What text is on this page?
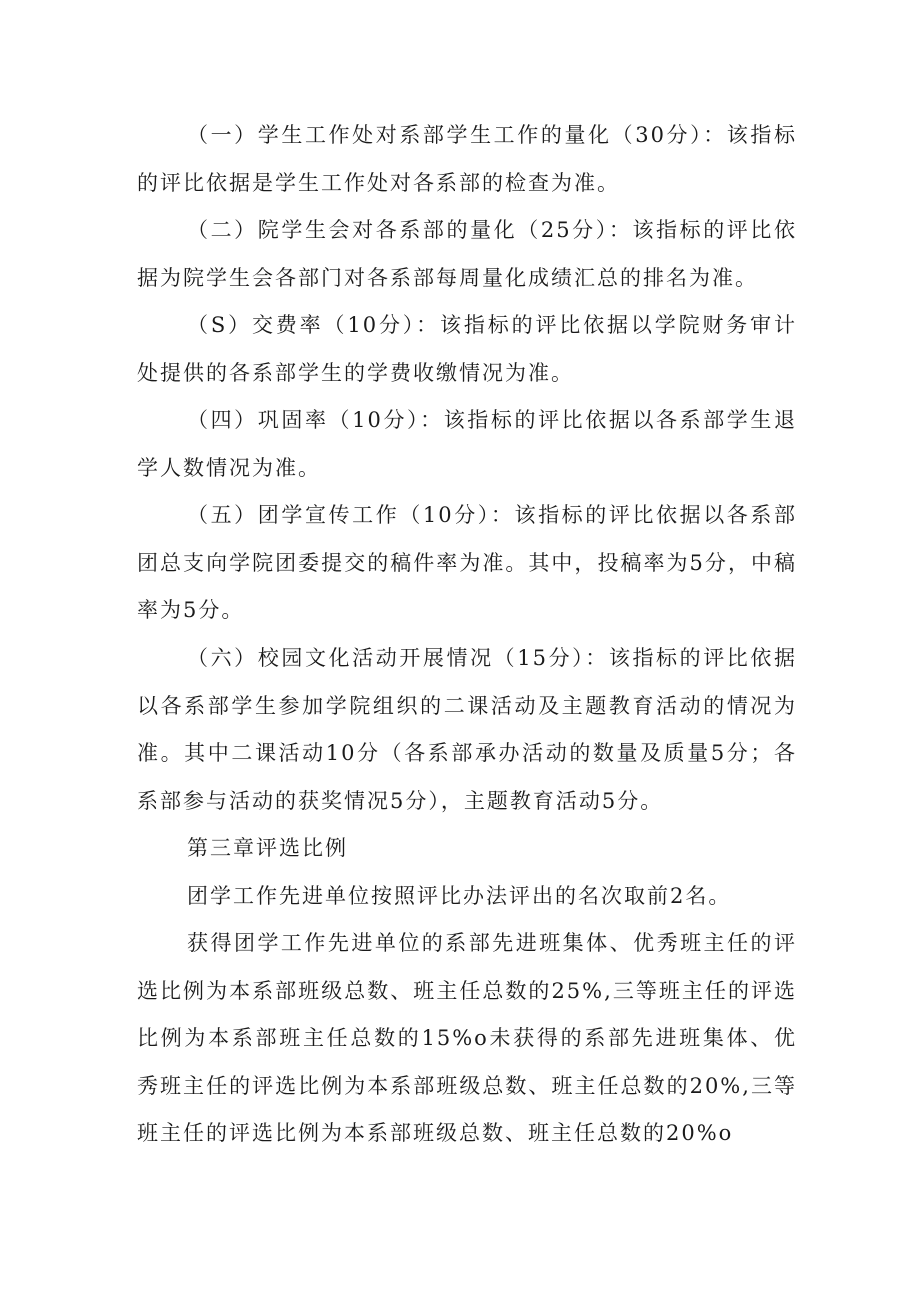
（一）学生工作处对系部学生工作的量化（30分）：该指标的评比依据是学生工作处对各系部的检查为准。

（二）院学生会对各系部的量化（25分）：该指标的评比依据为院学生会各部门对各系部每周量化成绩汇总的排名为准。

（S）交费率（10分）：该指标的评比依据以学院财务审计处提供的各系部学生的学费收缴情况为准。

（四）巩固率（10分）：该指标的评比依据以各系部学生退学人数情况为准。

（五）团学宣传工作（10分）：该指标的评比依据以各系部团总支向学院团委提交的稿件率为准。其中，投稿率为5分，中稿率为5分。

（六）校园文化活动开展情况（15分）：该指标的评比依据以各系部学生参加学院组织的二课活动及主题教育活动的情况为准。其中二课活动10分（各系部承办活动的数量及质量5分；各系部参与活动的获奖情况5分），主题教育活动5分。

第三章评选比例

团学工作先进单位按照评比办法评出的名次取前2名。

获得团学工作先进单位的系部先进班集体、优秀班主任的评选比例为本系部班级总数、班主任总数的25%,三等班主任的评选比例为本系部班主任总数的15%o未获得的系部先进班集体、优秀班主任的评选比例为本系部班级总数、班主任总数的20%,三等班主任的评选比例为本系部班级总数、班主任总数的20%o
